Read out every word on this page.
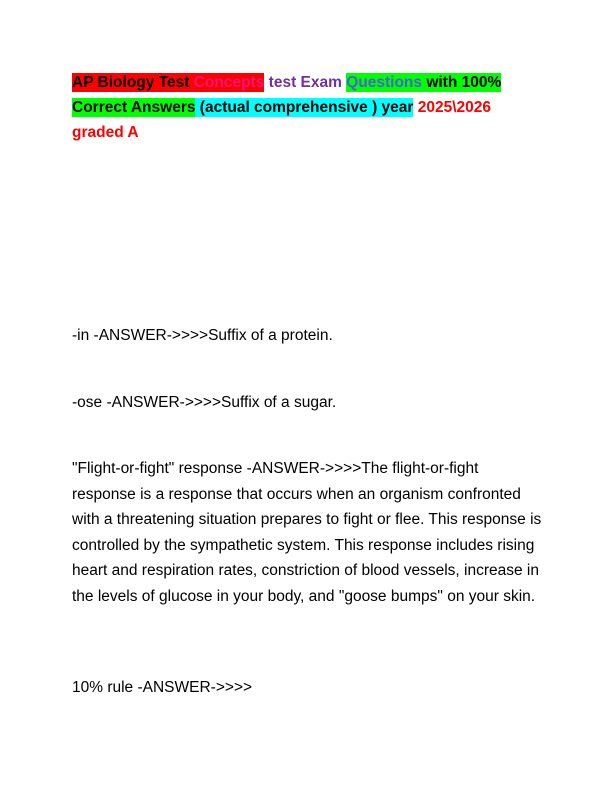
AP Biology Test Concepts test Exam Questions with 100%
Correct Answers (actual comprehensive ) year 2025\2026
graded A

-in -ANSWER->>>>Suffix of a protein.

-ose -ANSWER->>>>Suffix of a sugar.

"Flight-or-fight" response -ANSWER->>>>The flight-or-fight response is a response that occurs when an organism confronted with a threatening situation prepares to fight or flee. This response is controlled by the sympathetic system. This response includes rising heart and respiration rates, constriction of blood vessels, increase in the levels of glucose in your body, and "goose bumps" on your skin.

10% rule -ANSWER->>>>
